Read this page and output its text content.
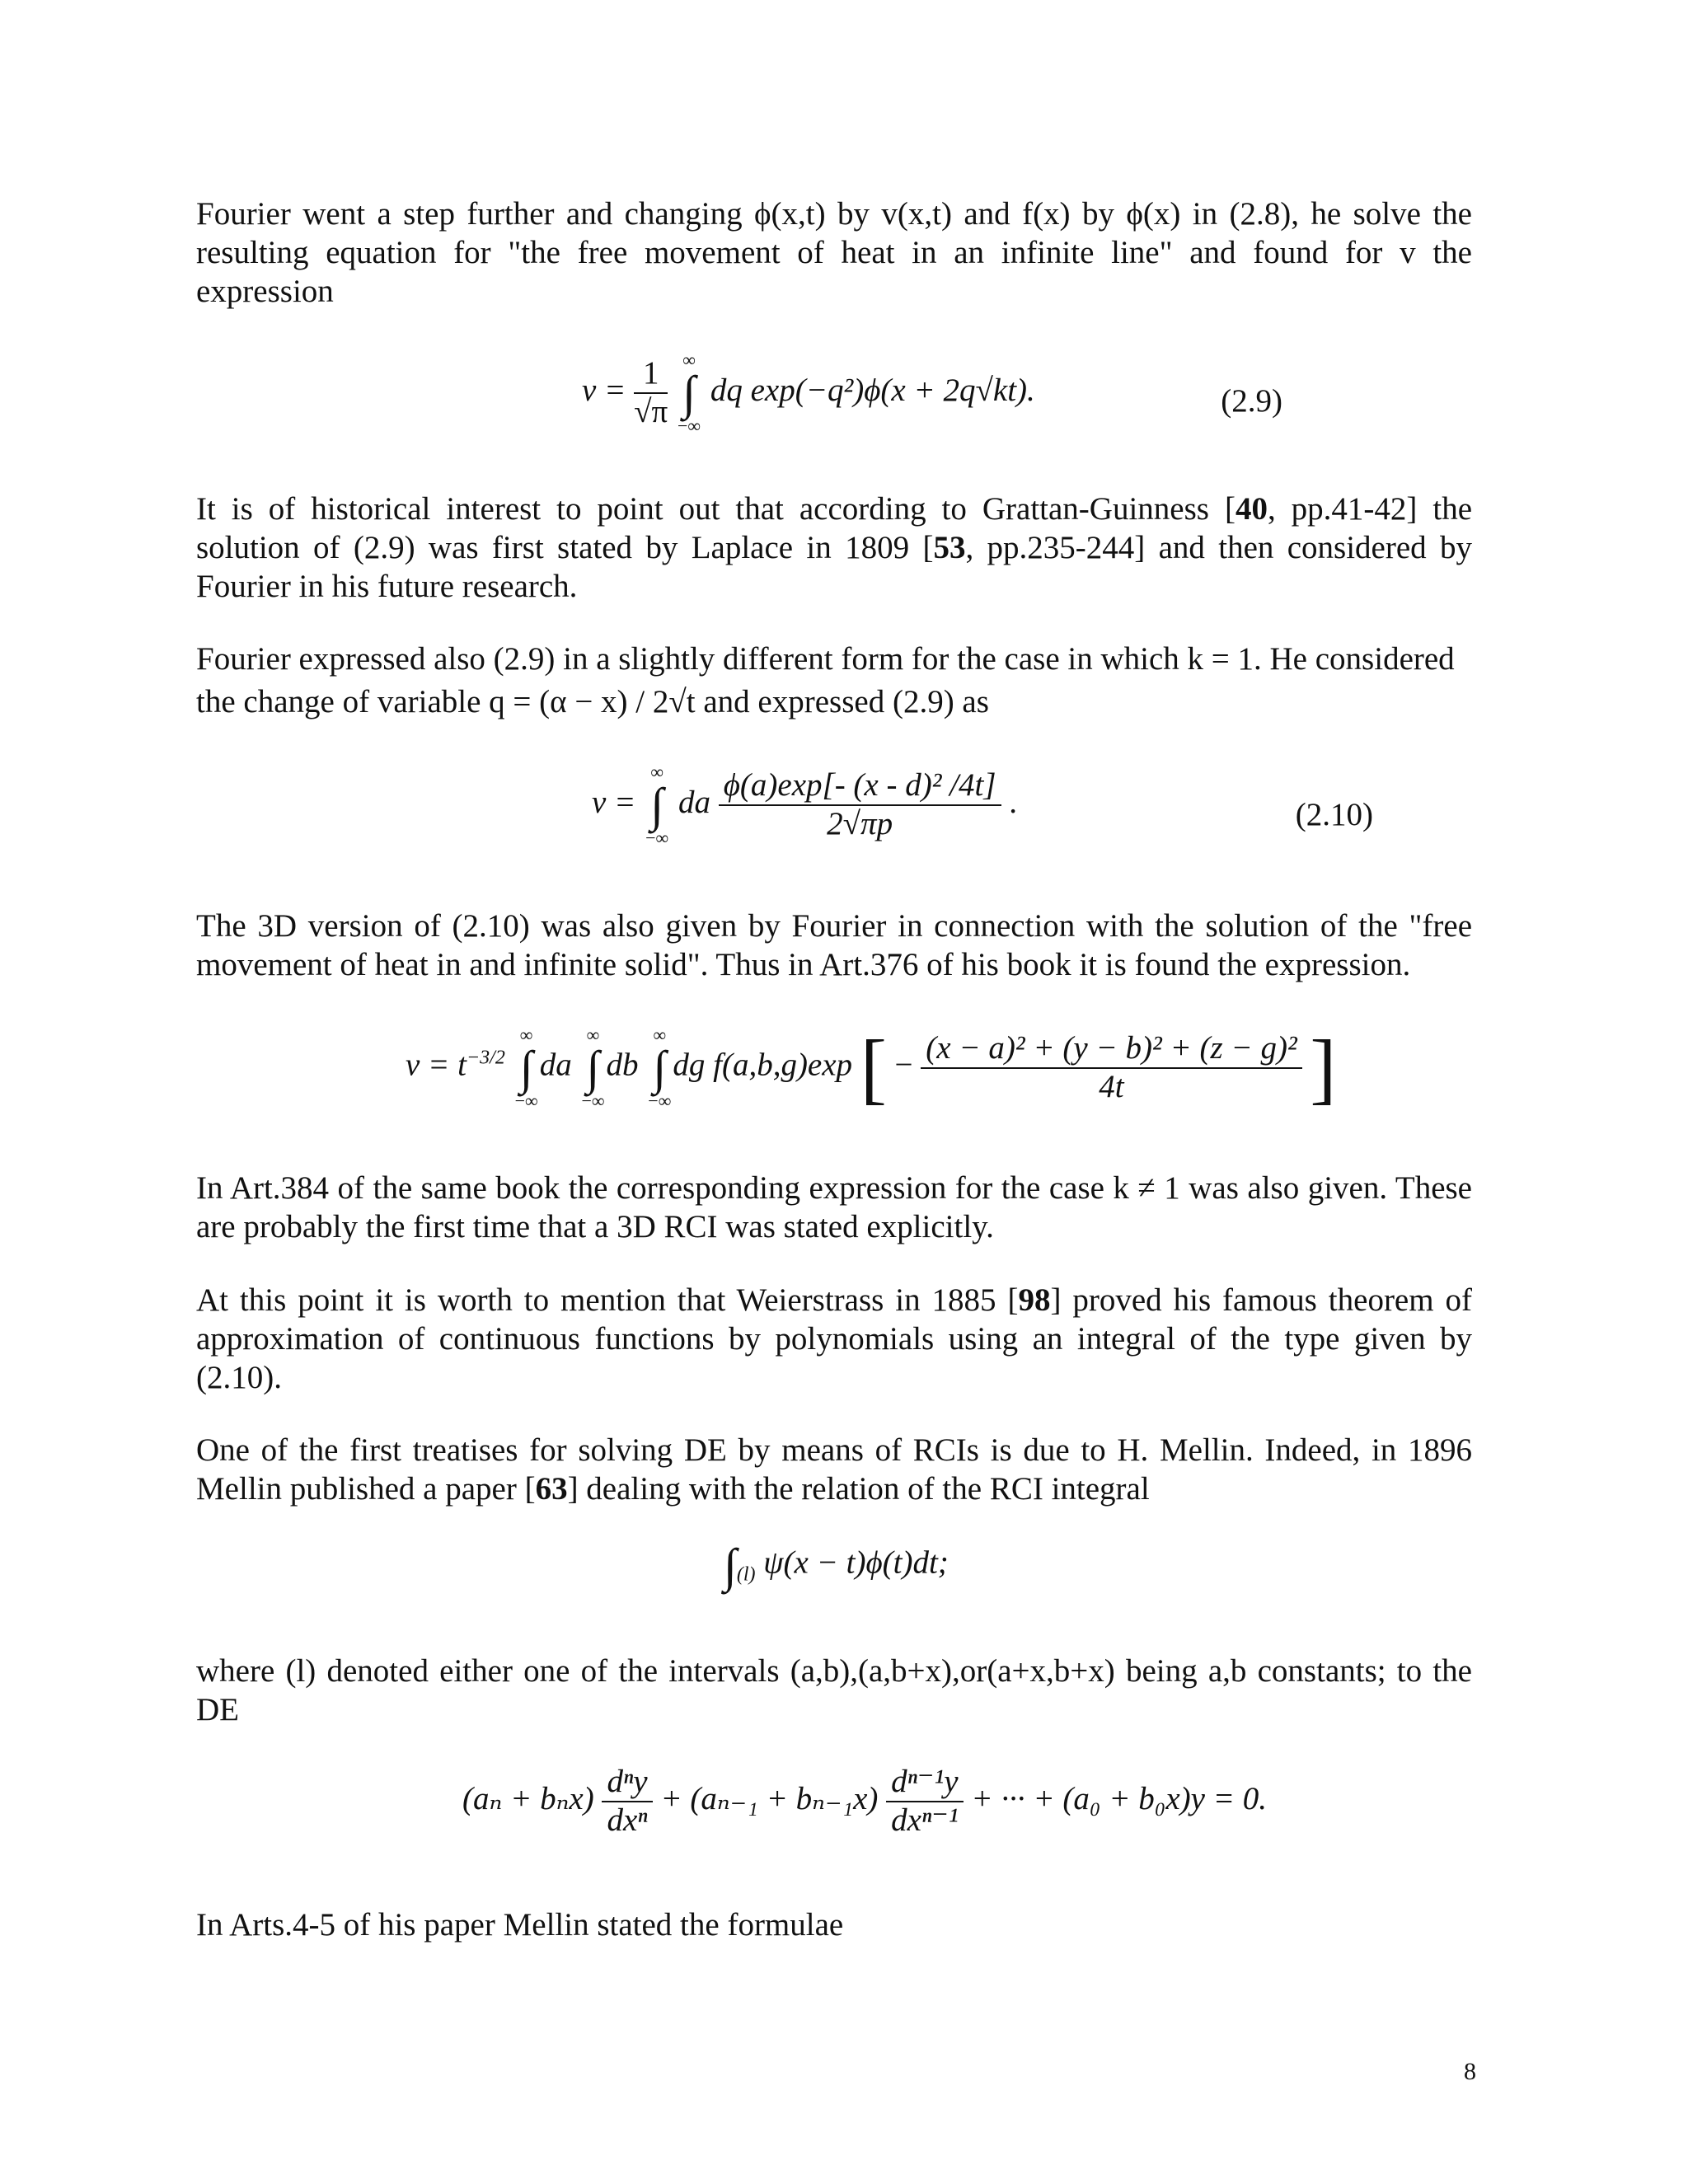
Fourier went a step further and changing ϕ(x,t) by v(x,t) and f(x) by ϕ(x) in (2.8), he solve the resulting equation for "the free movement of heat in an infinite line" and found for v the expression

$v = \frac{1}{√\pi}$
∞
∫
−∞
dq exp(−q²)ϕ(x + 2q√kt).	(2.9)

It is of historical interest to point out that according to Grattan-Guinness [40, pp.41-42] the solution of (2.9) was first stated by Laplace in 1809 [53, pp.235-244] and then considered by Fourier in his future research.

Fourier expressed also (2.9) in a slightly different form for the case in which k = 1. He considered

the change of variable q = (α − x) / 2√t and expressed (2.9) as

v =
∞
∫
−∞
da $\frac{\text{ϕ(a)exp[- (x - d)² /4t]}}{2√\pi p}$ .	(2.10)

The 3D version of (2.10) was also given by Fourier in connection with the solution of the "free movement of heat in and infinite solid". Thus in Art.376 of his book it is found the expression.

$v = t^{-3/2}$
∞
∫
−∞
da
∞
∫
−∞
db
∞
∫
−∞
dg f(a,b,g)exp [ − $\frac{\text{(x − a)² + (y − b)² + (z − g)²}}{4t}$ ]

In Art.384 of the same book the corresponding expression for the case k ≠ 1 was also given. These are probably the first time that a 3D RCI was stated explicitly.

At this point it is worth to mention that Weierstrass in 1885 [98] proved his famous theorem of approximation of continuous functions by polynomials using an integral of the type given by (2.10).

One of the first treatises for solving DE by means of RCIs is due to H. Mellin. Indeed, in 1896 Mellin published a paper [63] dealing with the relation of the RCI integral

$\int_{(l)}$ ψ(x − t)ϕ(t)dt;

where (l) denoted either one of the intervals (a,b),(a,b+x),or(a+x,b+x) being a,b constants; to the DE

$(a_n + b_nx) \frac{\text{dⁿy}}{\text{dxⁿ}} + (a_{n-1} + b_{n-1}x) \frac{\text{dⁿ⁻¹y}}{\text{dxⁿ⁻¹}}$ + ··· + (a₀ + b₀x)y = 0.

In Arts.4-5 of his paper Mellin stated the formulae

8
